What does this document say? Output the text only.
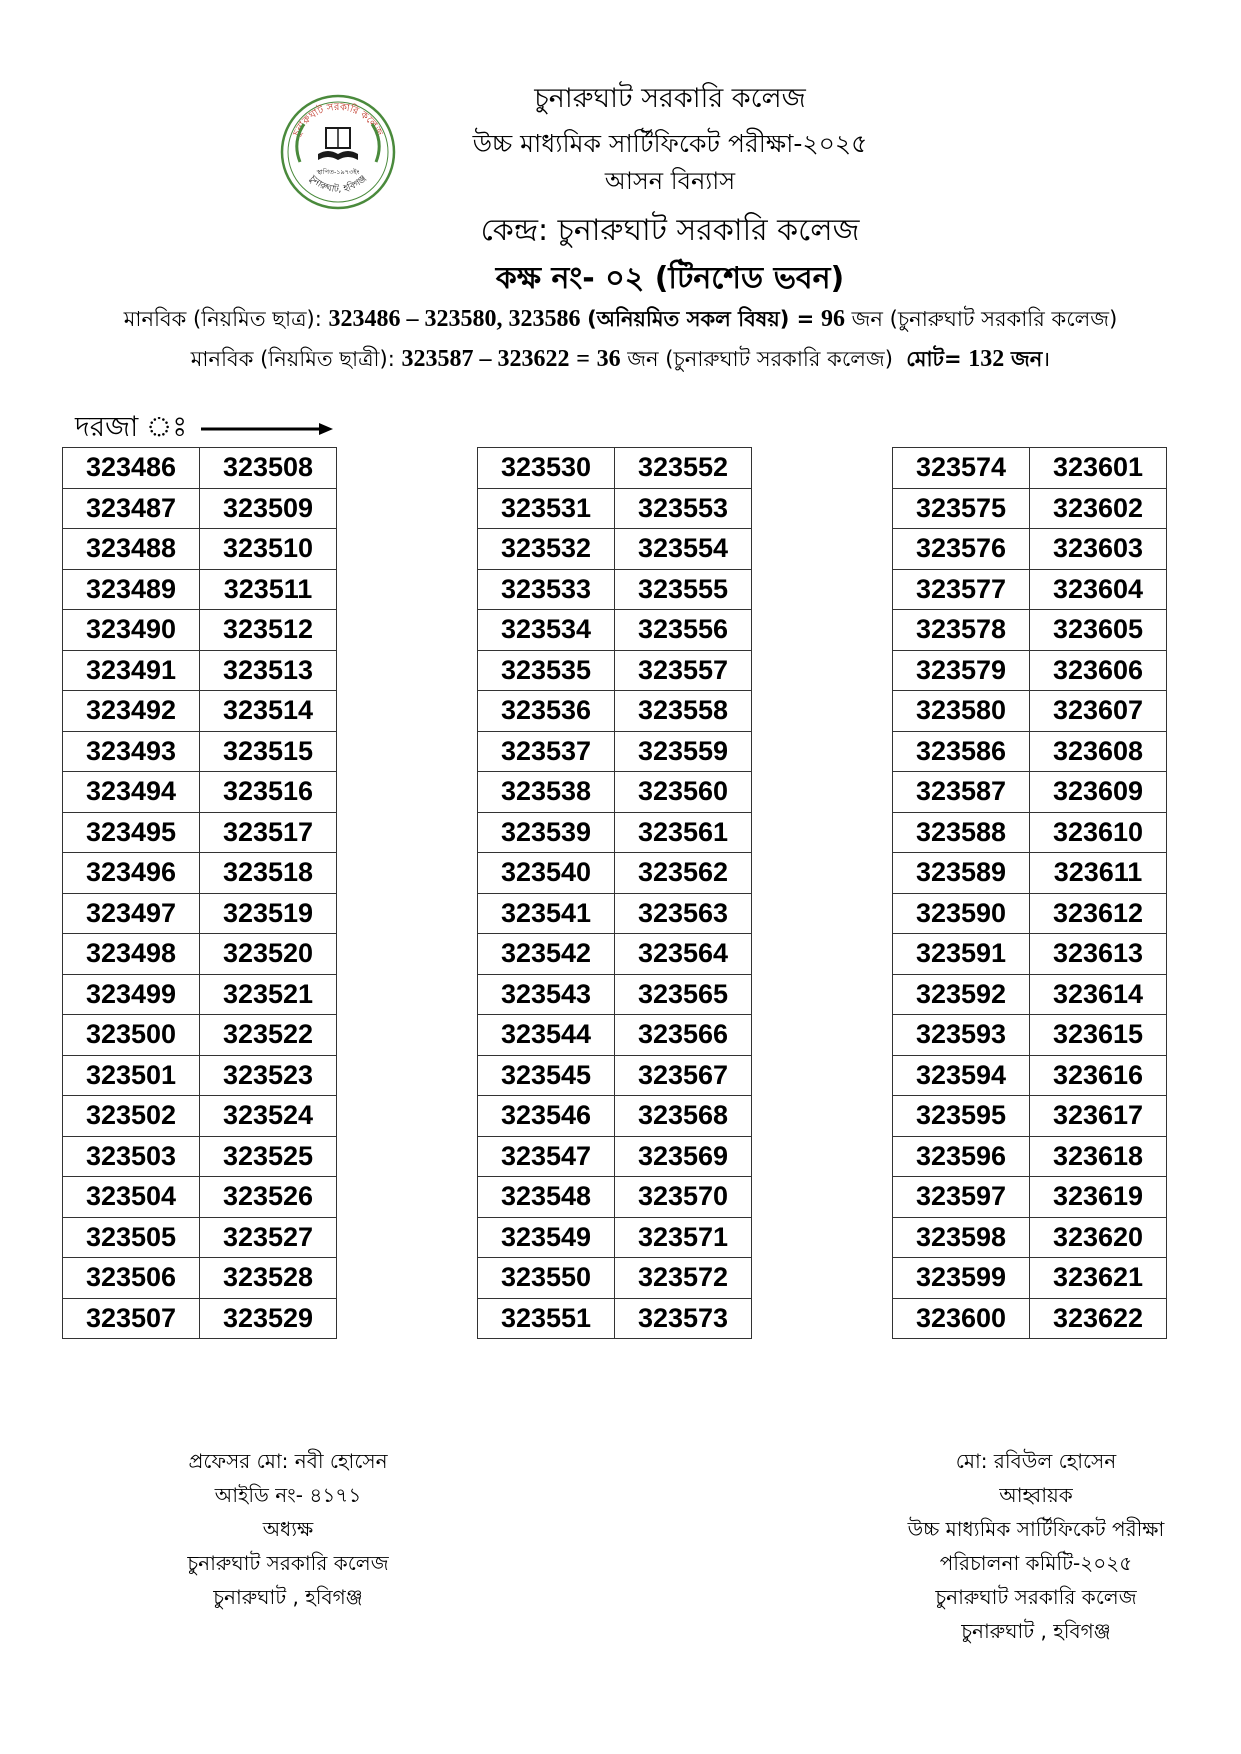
চুনারুঘাট সরকারি কলেজ
স্থাপিত-১৯৭৩ইং
চুনারুঘাট, হবিগঞ্জ
চুনারুঘাট সরকারি কলেজ
উচ্চ মাধ্যমিক সার্টিফিকেট পরীক্ষা-২০২৫
আসন বিন্যাস
কেন্দ্র: চুনারুঘাট সরকারি কলেজ
কক্ষ নং- ০২ (টিনশেড ভবন)
মানবিক (নিয়মিত ছাত্র): 323486 – 323580, 323586 (অনিয়মিত সকল বিষয়) = 96 জন (চুনারুঘাট সরকারি কলেজ)
মানবিক (নিয়মিত ছাত্রী): 323587 – 323622 = 36 জন (চুনারুঘাট সরকারি কলেজ) মোট= 132 জন।
দরজা ঃ
323486	323508
323487	323509
323488	323510
323489	323511
323490	323512
323491	323513
323492	323514
323493	323515
323494	323516
323495	323517
323496	323518
323497	323519
323498	323520
323499	323521
323500	323522
323501	323523
323502	323524
323503	323525
323504	323526
323505	323527
323506	323528
323507	323529
323530	323552
323531	323553
323532	323554
323533	323555
323534	323556
323535	323557
323536	323558
323537	323559
323538	323560
323539	323561
323540	323562
323541	323563
323542	323564
323543	323565
323544	323566
323545	323567
323546	323568
323547	323569
323548	323570
323549	323571
323550	323572
323551	323573
323574	323601
323575	323602
323576	323603
323577	323604
323578	323605
323579	323606
323580	323607
323586	323608
323587	323609
323588	323610
323589	323611
323590	323612
323591	323613
323592	323614
323593	323615
323594	323616
323595	323617
323596	323618
323597	323619
323598	323620
323599	323621
323600	323622
প্রফেসর মো: নবী হোসেন
আইডি নং- ৪১৭১
অধ্যক্ষ
চুনারুঘাট সরকারি কলেজ
চুনারুঘাট , হবিগঞ্জ
মো: রবিউল হোসেন
আহ্বায়ক
উচ্চ মাধ্যমিক সার্টিফিকেট পরীক্ষা
পরিচালনা কমিটি-২০২৫
চুনারুঘাট সরকারি কলেজ
চুনারুঘাট , হবিগঞ্জ
